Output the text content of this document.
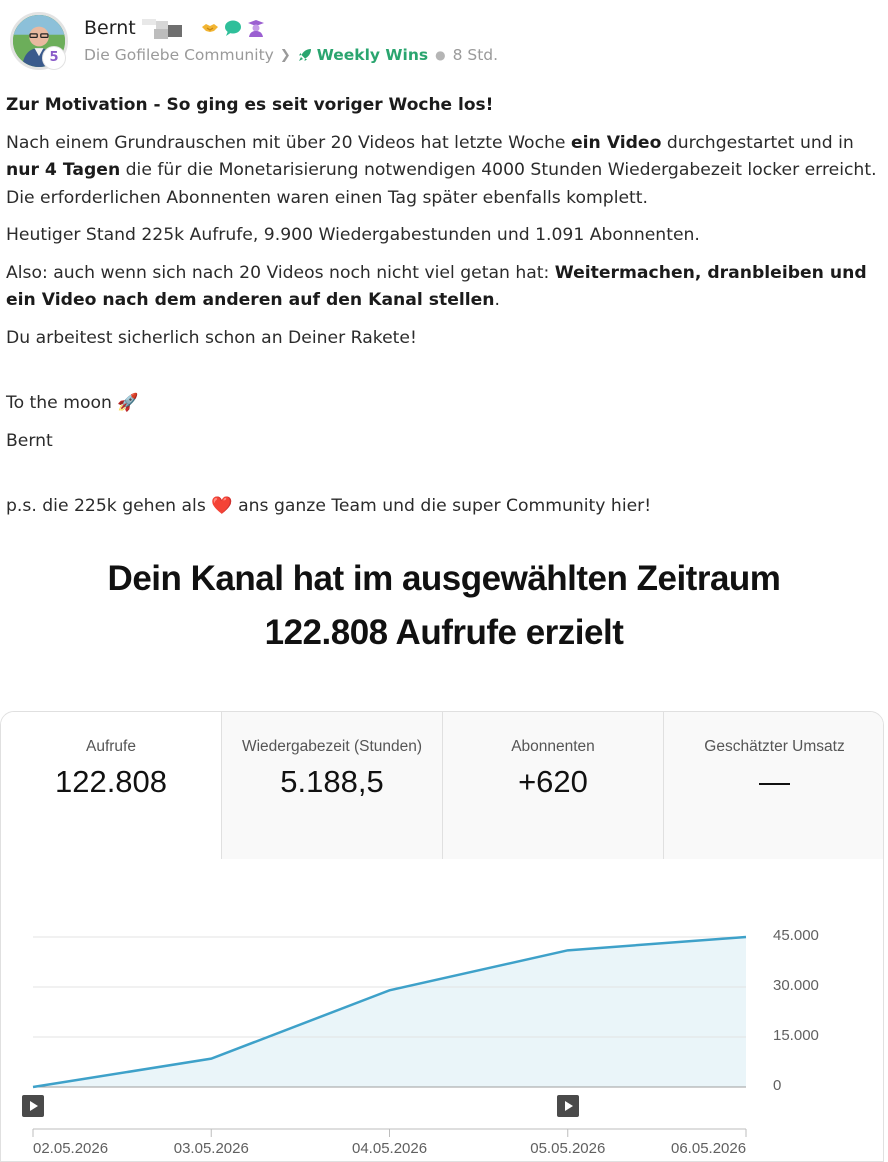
5
Bernt
Die Gofilebe Community ❯ Weekly Wins ● 8 Std.

Zur Motivation - So ging es seit voriger Woche los!

Nach einem Grundrauschen mit über 20 Videos hat letzte Woche ein Video durchgestartet und in nur 4 Tagen die für die Monetarisierung notwendigen 4000 Stunden Wiedergabezeit locker erreicht. Die erforderlichen Abonnenten waren einen Tag später ebenfalls komplett.

Heutiger Stand 225k Aufrufe, 9.900 Wiedergabestunden und 1.091 Abonnenten.

Also: auch wenn sich nach 20 Videos noch nicht viel getan hat: Weitermachen, dranbleiben und ein Video nach dem anderen auf den Kanal stellen.

Du arbeitest sicherlich schon an Deiner Rakete!

To the moon 🚀

Bernt

p.s. die 225k gehen als ❤️ ans ganze Team und die super Community hier!

Dein Kanal hat im ausgewählten Zeitraum
122.808 Aufrufe erzielt
Aufrufe
122.808
Wiedergabezeit (Stunden)
5.188,5
Abonnenten
+620
Geschätzter Umsatz
—
45.000
30.000
15.000
0
02.05.2026	03.05.2026	04.05.2026	05.05.2026	06.05.2026
